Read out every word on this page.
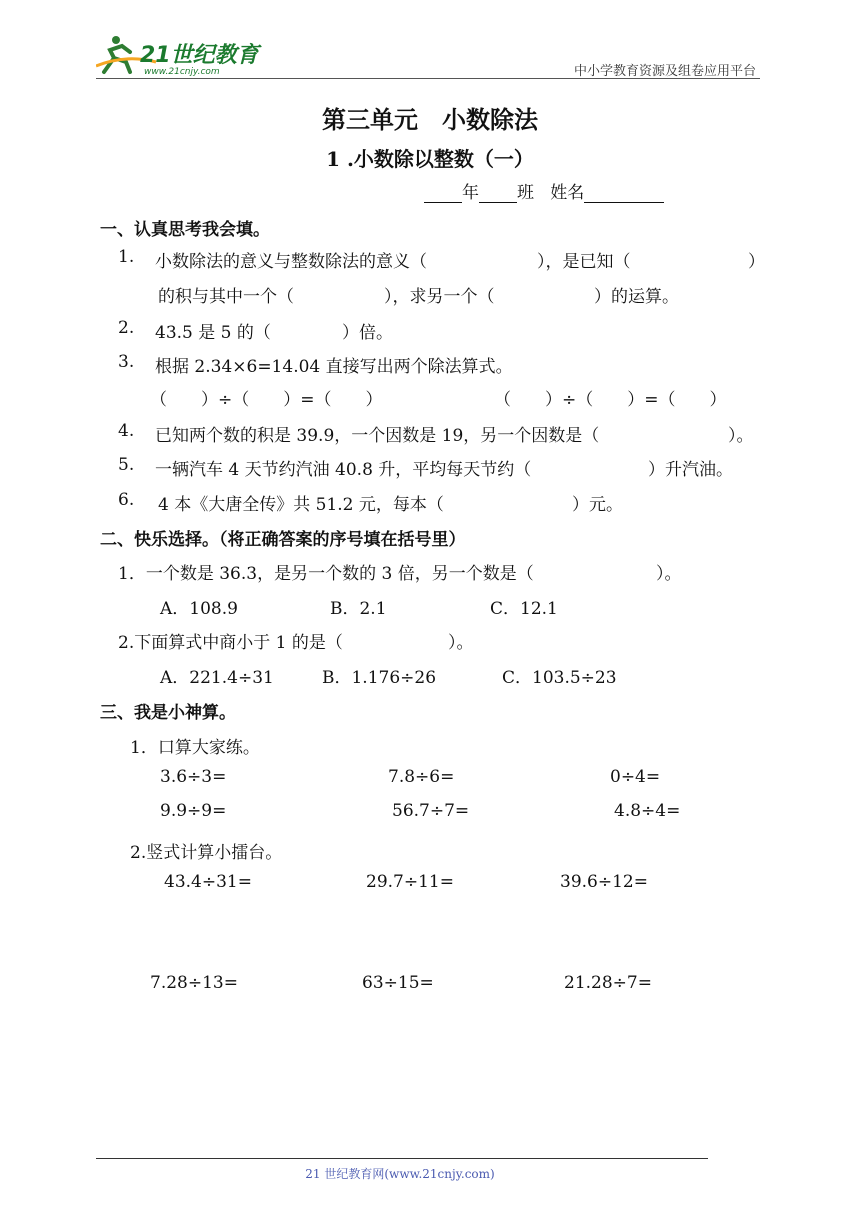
21世纪教育
www.21cnjy.com	中小学教育资源及组卷应用平台
第三单元　小数除法
1 .小数除以整数（一）
年 班 姓名
一、认真思考我会填。
1. 小数除法的意义与整数除法的意义（	），是已知（	）
的积与其中一个（	），求另一个（	）的运算。
2. 43.5 是 5 的（	）倍。
3. 根据 2.34×6=14.04 直接写出两个除法算式。
（　　）÷（　　）=（　　）	（　　）÷（　　）=（　　）
4. 已知两个数的积是 39.9，一个因数是 19，另一个因数是（	）。
5. 一辆汽车 4 天节约汽油 40.8 升，平均每天节约（	）升汽油。
6. 4 本《大唐全传》共 51.2 元，每本（	）元。
二、快乐选择。（将正确答案的序号填在括号里）
1．一个数是 36.3，是另一个数的 3 倍，另一个数是（	）。
A．108.9	B．2.1	C．12.1
2.下面算式中商小于 1 的是（	）。
A．221.4÷31	B．1.176÷26	C．103.5÷23
三、我是小神算。
1．口算大家练。
3.6÷3=	7.8÷6=	0÷4=
9.9÷9=	56.7÷7=	4.8÷4=
2.竖式计算小擂台。
43.4÷31=	29.7÷11=	39.6÷12=
7.28÷13=	63÷15=	21.28÷7=
21 世纪教育网(www.21cnjy.com)
